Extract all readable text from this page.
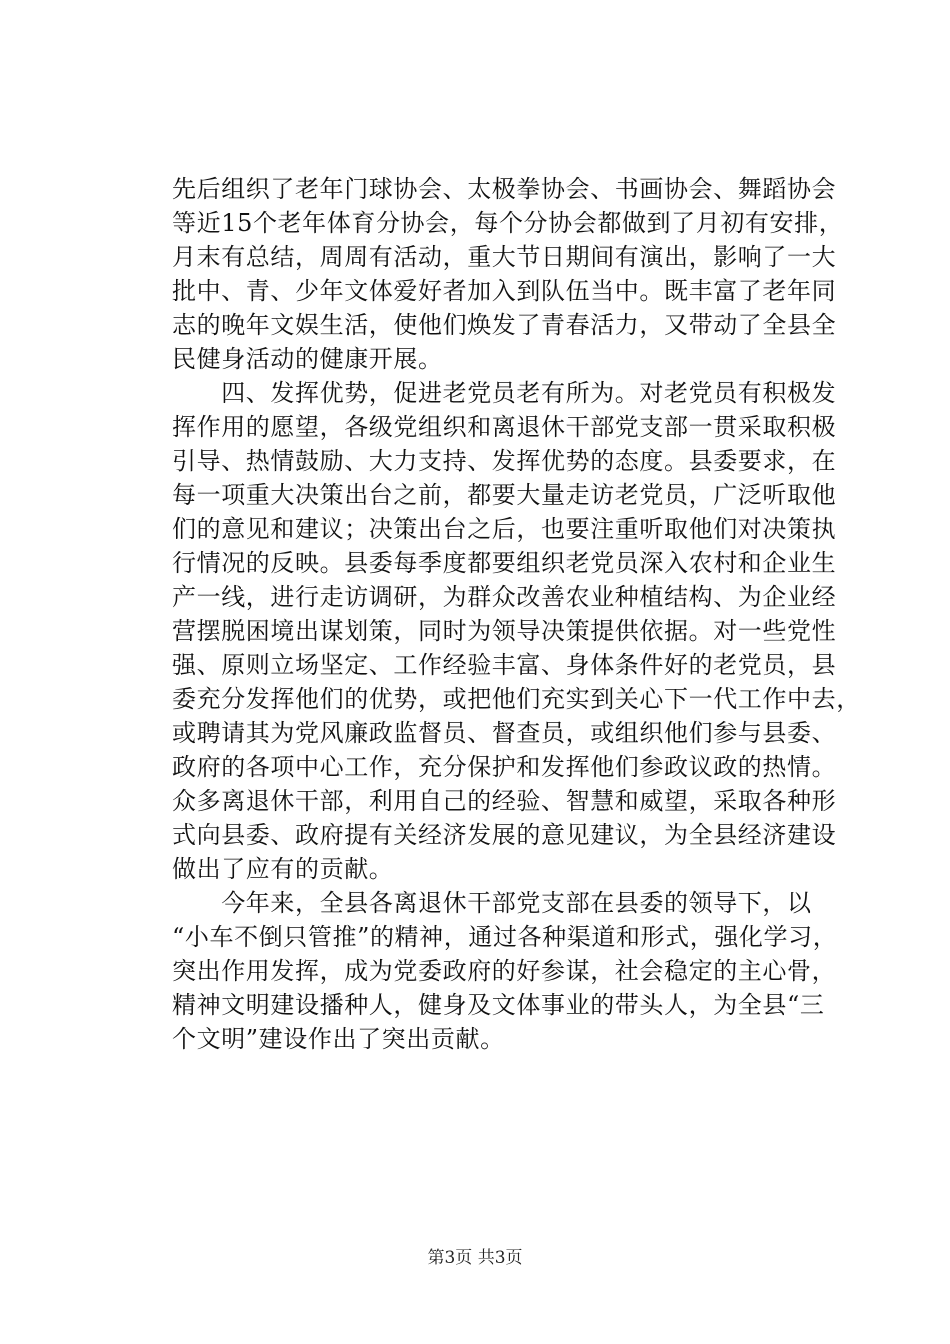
先后组织了老年门球协会、太极拳协会、书画协会、舞蹈协会
等近15个老年体育分协会，每个分协会都做到了月初有安排，
月末有总结，周周有活动，重大节日期间有演出，影响了一大
批中、青、少年文体爱好者加入到队伍当中。既丰富了老年同
志的晚年文娱生活，使他们焕发了青春活力，又带动了全县全
民健身活动的健康开展。
　　四、发挥优势，促进老党员老有所为。对老党员有积极发
挥作用的愿望，各级党组织和离退休干部党支部一贯采取积极
引导、热情鼓励、大力支持、发挥优势的态度。县委要求，在
每一项重大决策出台之前，都要大量走访老党员，广泛听取他
们的意见和建议；决策出台之后，也要注重听取他们对决策执
行情况的反映。县委每季度都要组织老党员深入农村和企业生
产一线，进行走访调研，为群众改善农业种植结构、为企业经
营摆脱困境出谋划策，同时为领导决策提供依据。对一些党性
强、原则立场坚定、工作经验丰富、身体条件好的老党员，县
委充分发挥他们的优势，或把他们充实到关心下一代工作中去，
或聘请其为党风廉政监督员、督查员，或组织他们参与县委、
政府的各项中心工作，充分保护和发挥他们参政议政的热情。
众多离退休干部，利用自己的经验、智慧和威望，采取各种形
式向县委、政府提有关经济发展的意见建议，为全县经济建设
做出了应有的贡献。
　　今年来，全县各离退休干部党支部在县委的领导下，以
“小车不倒只管推”的精神，通过各种渠道和形式，强化学习，
突出作用发挥，成为党委政府的好参谋，社会稳定的主心骨，
精神文明建设播种人，健身及文体事业的带头人，为全县“三
个文明”建设作出了突出贡献。
第3页 共3页
